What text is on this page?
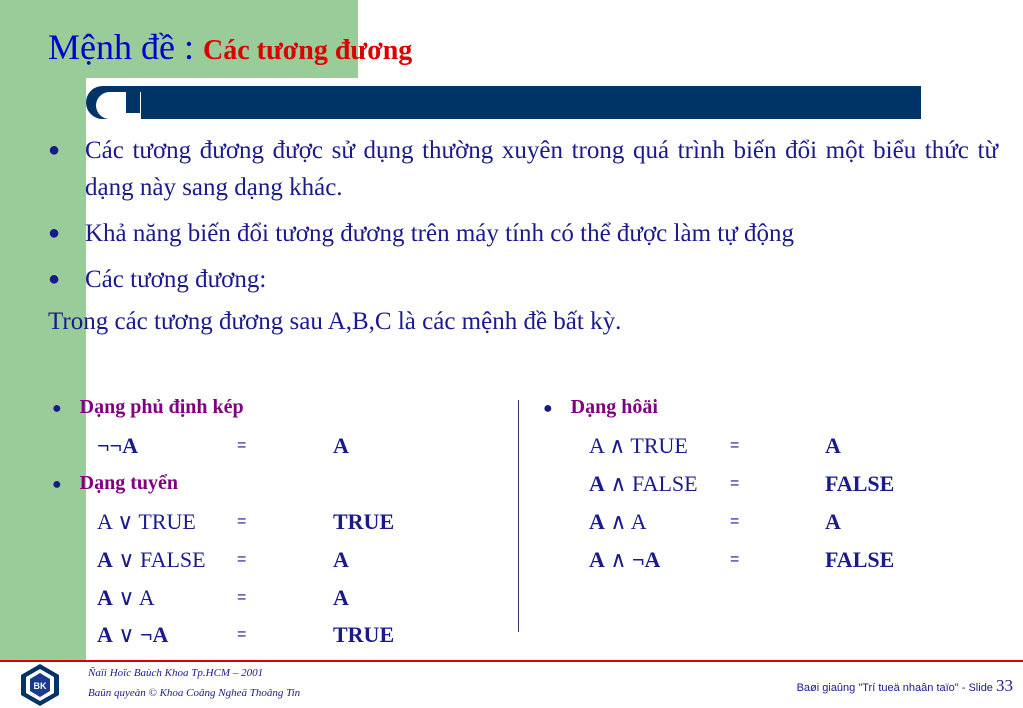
Mệnh đề : Các tương đương
● Các tương đương được sử dụng thường xuyên trong quá trình biến đổi một biểu thức từ dạng này sang dạng khác.
● Khả năng biến đổi tương đương trên máy tính có thể được làm tự động
● Các tương đương:
Trong các tương đương sau A,B,C là các mệnh đề bất kỳ.
● Dạng phủ định kép
¬¬A	=	A
● Dạng tuyển
A ∨ TRUE	=	TRUE
A ∨ FALSE =	A
A ∨ A	=	A
A ∨ ¬A	=	TRUE
● Dạng hôäi
A ∧ TRUE	=	A
A ∧ FALSE =	FALSE
A ∧ A	=	A
A ∧ ¬A	=	FALSE
BK
Ñaïi Hoïc Baùch Khoa Tp.HCM – 2001
Baûn quyeàn © Khoa Coâng Ngheä Thoâng Tin	Baøi giaûng "Trí tueä nhaân taïo" - Slide 33
